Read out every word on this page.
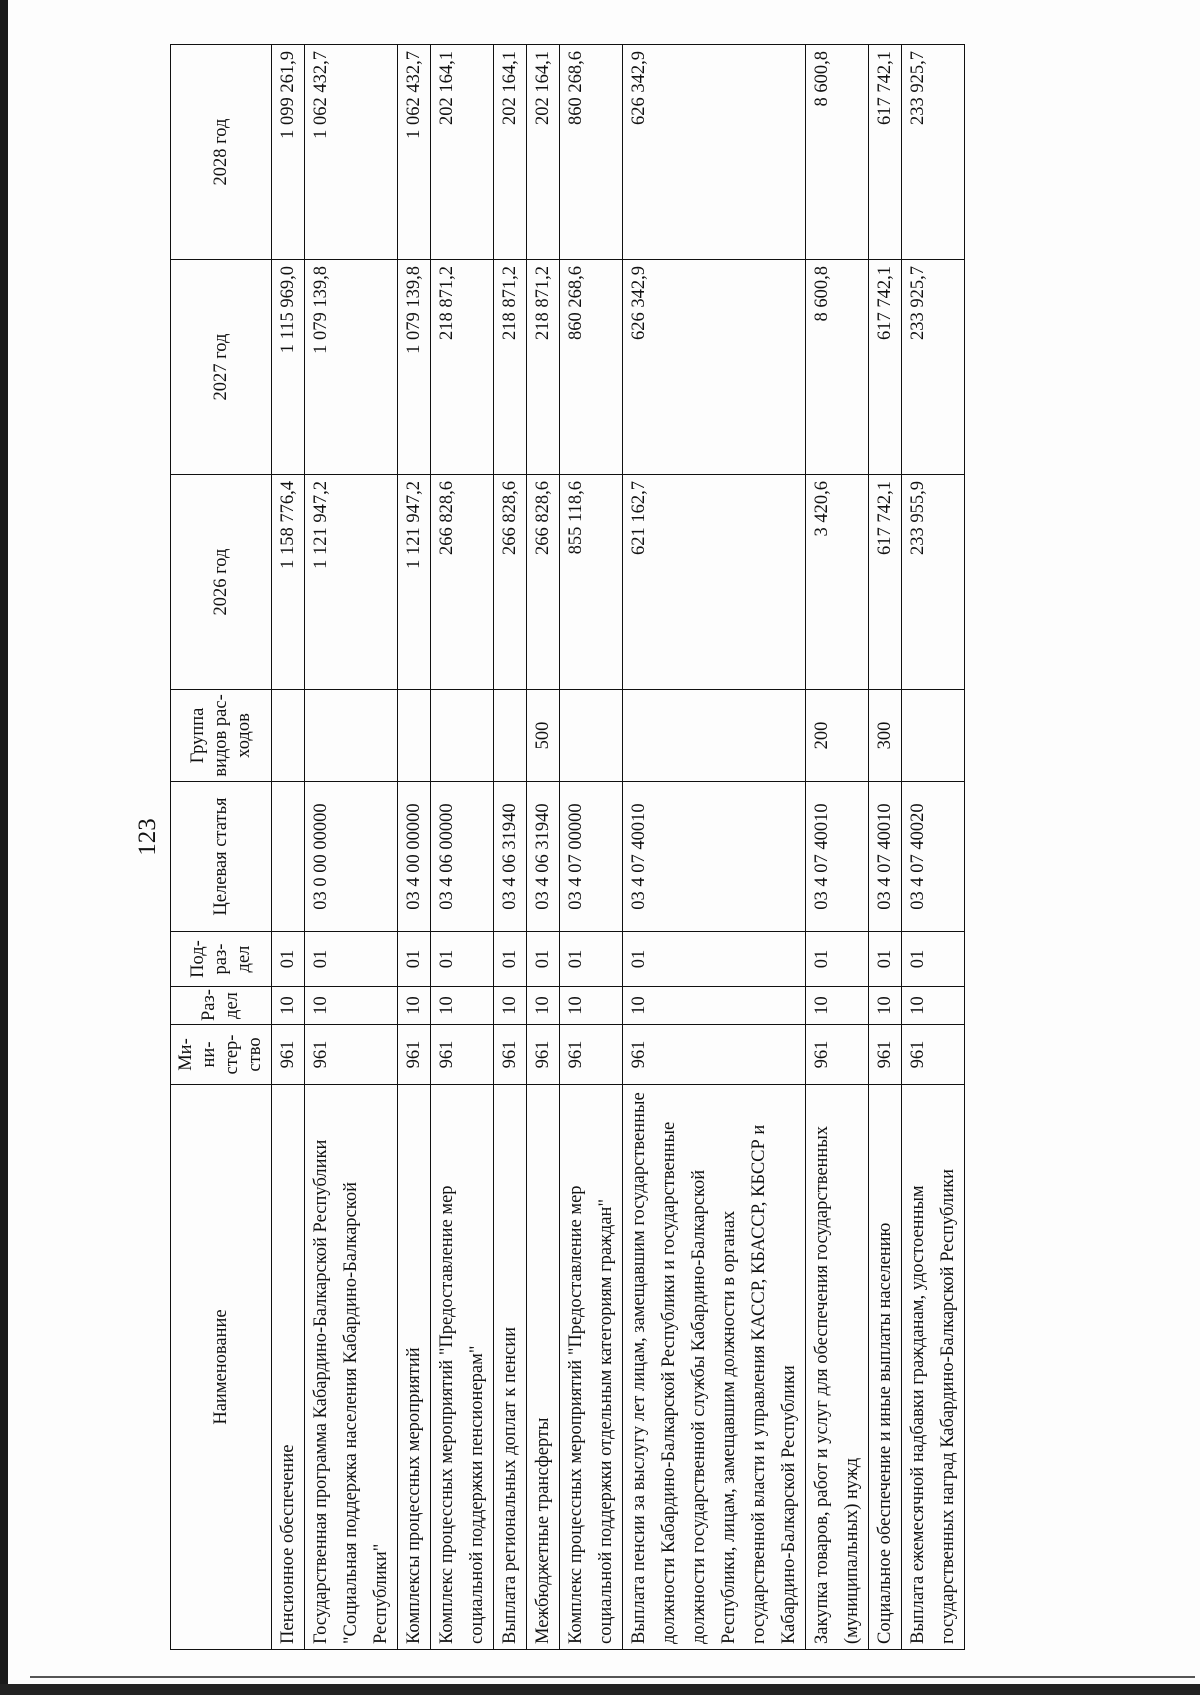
123
Наименование	Ми-ни-стер-ство	Раз-дел	Под-раз-дел	Целевая статья	Группа видов рас-ходов	2026 год	2027 год	2028 год
Пенсионное обеспечение	961	10	01			1 158 776,4	1 115 969,0	1 099 261,9
Государственная программа Кабардино-Балкарской Республики "Социальная поддержка населения Кабардино-Балкарской Республики"	961	10	01	03 0 00 00000		1 121 947,2	1 079 139,8	1 062 432,7
Комплексы процессных мероприятий	961	10	01	03 4 00 00000		1 121 947,2	1 079 139,8	1 062 432,7
Комплекс процессных мероприятий "Предоставление мер социальной поддержки пенсионерам"	961	10	01	03 4 06 00000		266 828,6	218 871,2	202 164,1
Выплата региональных доплат к пенсии	961	10	01	03 4 06 31940		266 828,6	218 871,2	202 164,1
Межбюджетные трансферты	961	10	01	03 4 06 31940	500	266 828,6	218 871,2	202 164,1
Комплекс процессных мероприятий "Предоставление мер социальной поддержки отдельным категориям граждан"	961	10	01	03 4 07 00000		855 118,6	860 268,6	860 268,6
Выплата пенсии за выслугу лет лицам, замещавшим государственные должности Кабардино-Балкарской Республики и государственные должности государственной службы Кабардино-Балкарской Республики, лицам, замещавшим должности в органах государственной власти и управления КАССР, КБАССР, КБССР и Кабардино-Балкарской Республики	961	10	01	03 4 07 40010		621 162,7	626 342,9	626 342,9
Закупка товаров, работ и услуг для обеспечения государственных (муниципальных) нужд	961	10	01	03 4 07 40010	200	3 420,6	8 600,8	8 600,8
Социальное обеспечение и иные выплаты населению	961	10	01	03 4 07 40010	300	617 742,1	617 742,1	617 742,1
Выплата ежемесячной надбавки гражданам, удостоенным государственных наград Кабардино-Балкарской Республики	961	10	01	03 4 07 40020		233 955,9	233 925,7	233 925,7
